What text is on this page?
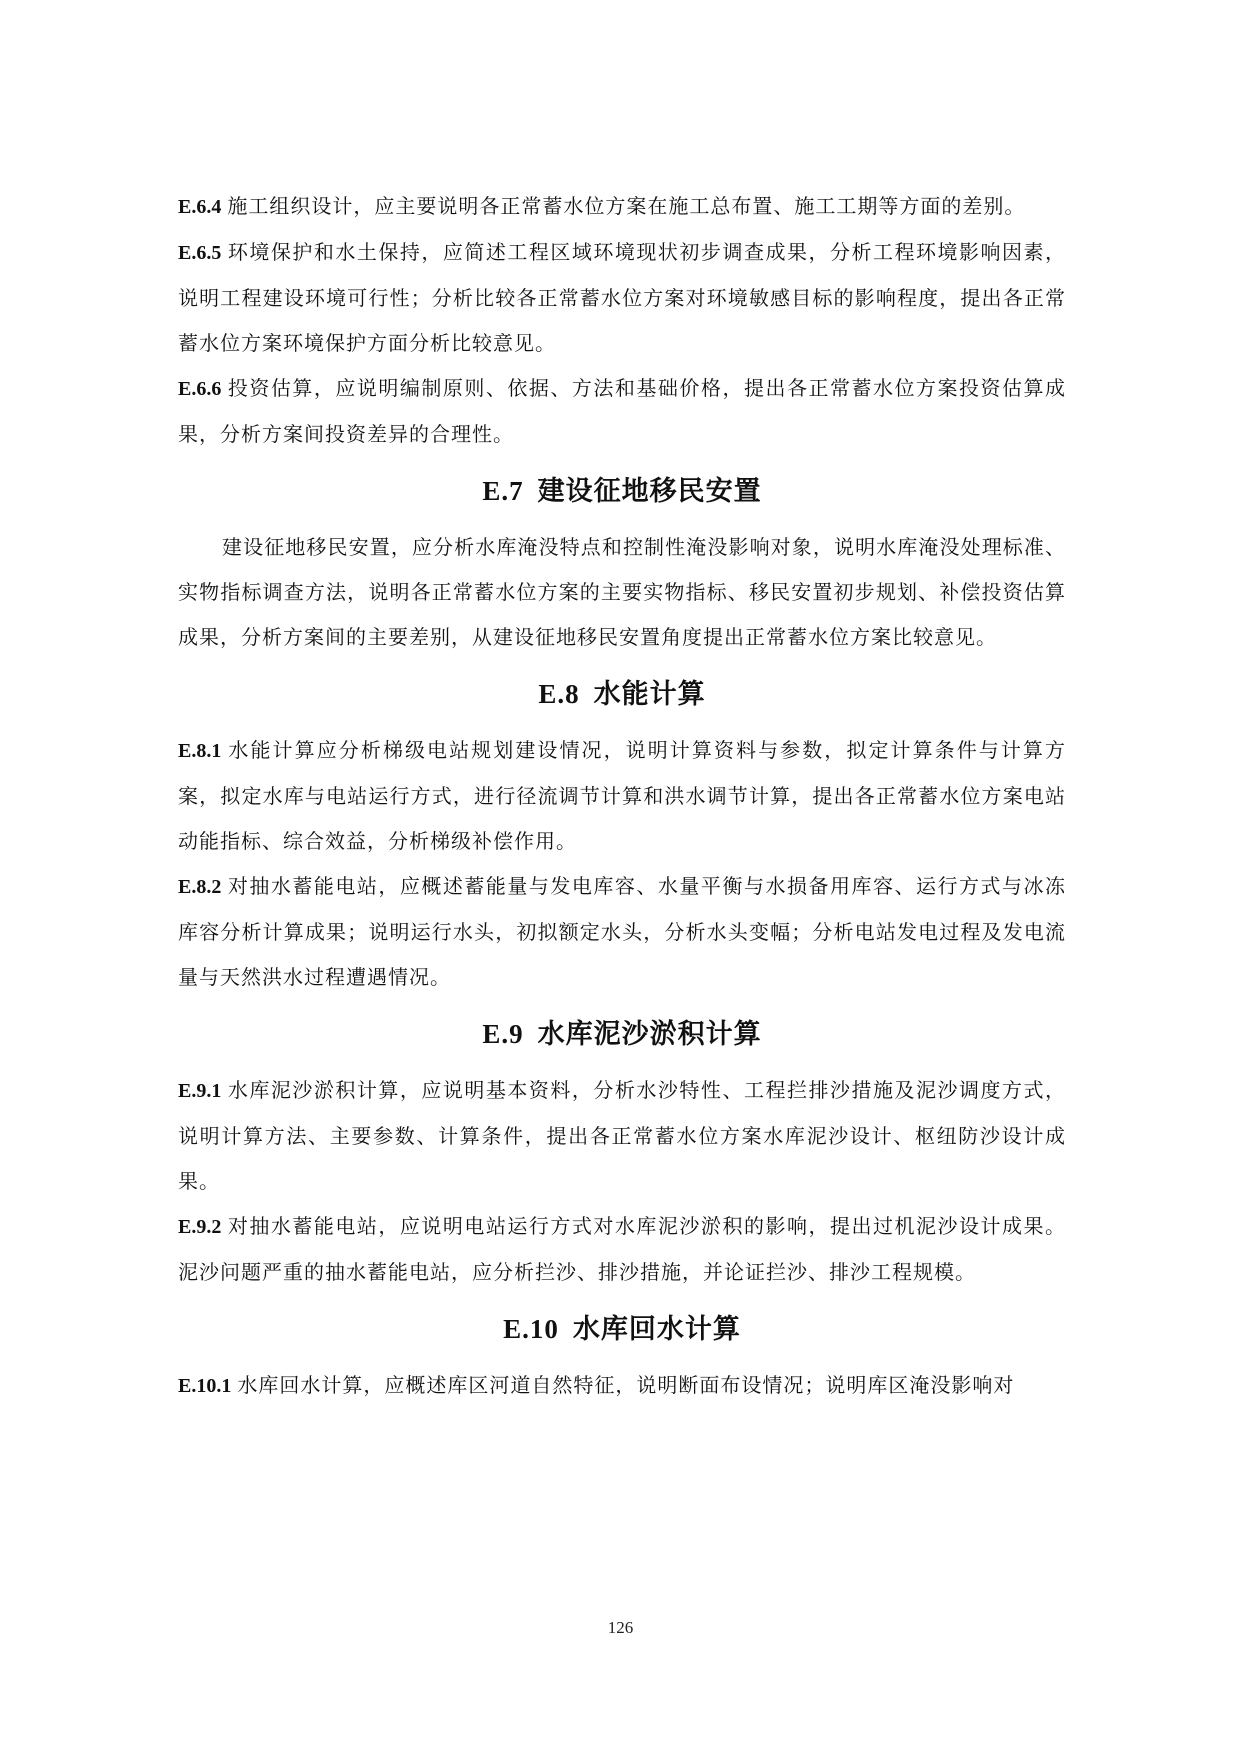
E.6.4 施工组织设计，应主要说明各正常蓄水位方案在施工总布置、施工工期等方面的差别。

E.6.5 环境保护和水土保持，应简述工程区域环境现状初步调查成果，分析工程环境影响因素，说明工程建设环境可行性；分析比较各正常蓄水位方案对环境敏感目标的影响程度，提出各正常蓄水位方案环境保护方面分析比较意见。

E.6.6 投资估算，应说明编制原则、依据、方法和基础价格，提出各正常蓄水位方案投资估算成果，分析方案间投资差异的合理性。

E.7 建设征地移民安置

建设征地移民安置，应分析水库淹没特点和控制性淹没影响对象，说明水库淹没处理标准、实物指标调查方法，说明各正常蓄水位方案的主要实物指标、移民安置初步规划、补偿投资估算成果，分析方案间的主要差别，从建设征地移民安置角度提出正常蓄水位方案比较意见。

E.8 水能计算

E.8.1 水能计算应分析梯级电站规划建设情况，说明计算资料与参数，拟定计算条件与计算方案，拟定水库与电站运行方式，进行径流调节计算和洪水调节计算，提出各正常蓄水位方案电站动能指标、综合效益，分析梯级补偿作用。

E.8.2 对抽水蓄能电站，应概述蓄能量与发电库容、水量平衡与水损备用库容、运行方式与冰冻库容分析计算成果；说明运行水头，初拟额定水头，分析水头变幅；分析电站发电过程及发电流量与天然洪水过程遭遇情况。

E.9 水库泥沙淤积计算

E.9.1 水库泥沙淤积计算，应说明基本资料，分析水沙特性、工程拦排沙措施及泥沙调度方式，说明计算方法、主要参数、计算条件，提出各正常蓄水位方案水库泥沙设计、枢纽防沙设计成果。

E.9.2 对抽水蓄能电站，应说明电站运行方式对水库泥沙淤积的影响，提出过机泥沙设计成果。泥沙问题严重的抽水蓄能电站，应分析拦沙、排沙措施，并论证拦沙、排沙工程规模。

E.10 水库回水计算

E.10.1 水库回水计算，应概述库区河道自然特征，说明断面布设情况；说明库区淹没影响对

126
